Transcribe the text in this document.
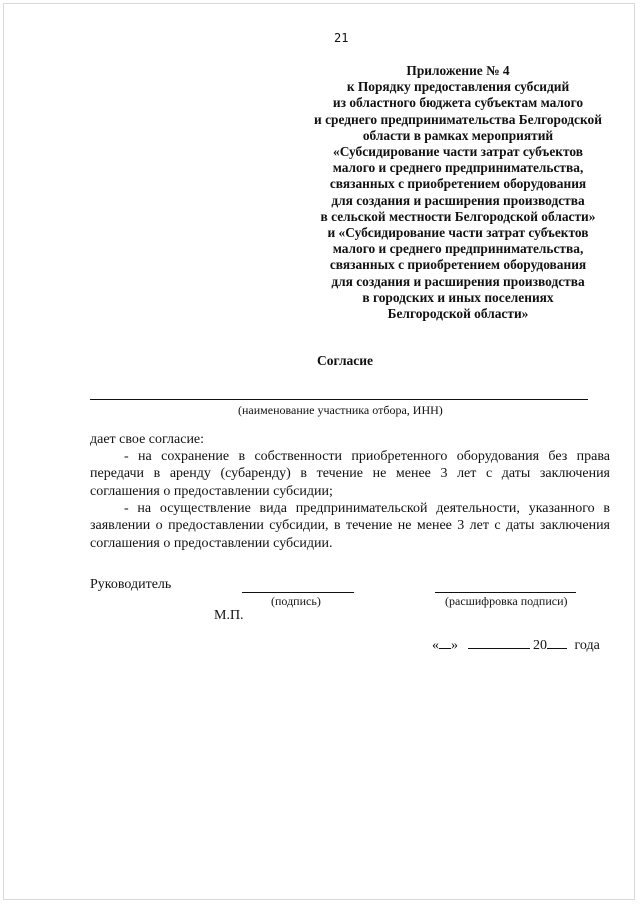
21
Приложение № 4
к Порядку предоставления субсидий
из областного бюджета субъектам малого
и среднего предпринимательства Белгородской
области в рамках мероприятий
«Субсидирование части затрат субъектов
малого и среднего предпринимательства,
связанных с приобретением оборудования
для создания и расширения производства
в сельской местности Белгородской области»
и «Субсидирование части затрат субъектов
малого и среднего предпринимательства,
связанных с приобретением оборудования
для создания и расширения производства
в городских и иных поселениях
Белгородской области»
Согласие
(наименование участника отбора, ИНН)
дает свое согласие:
- на сохранение в собственности приобретенного оборудования без права передачи в аренду (субаренду) в течение не менее 3 лет с даты заключения соглашения о предоставлении субсидии;
- на осуществление вида предпринимательской деятельности, указанного в заявлении о предоставлении субсидии, в течение не менее 3 лет с даты заключения соглашения о предоставлении субсидии.
Руководитель
(подпись)	(расшифровка подписи)
М.П.
« »	20 года
